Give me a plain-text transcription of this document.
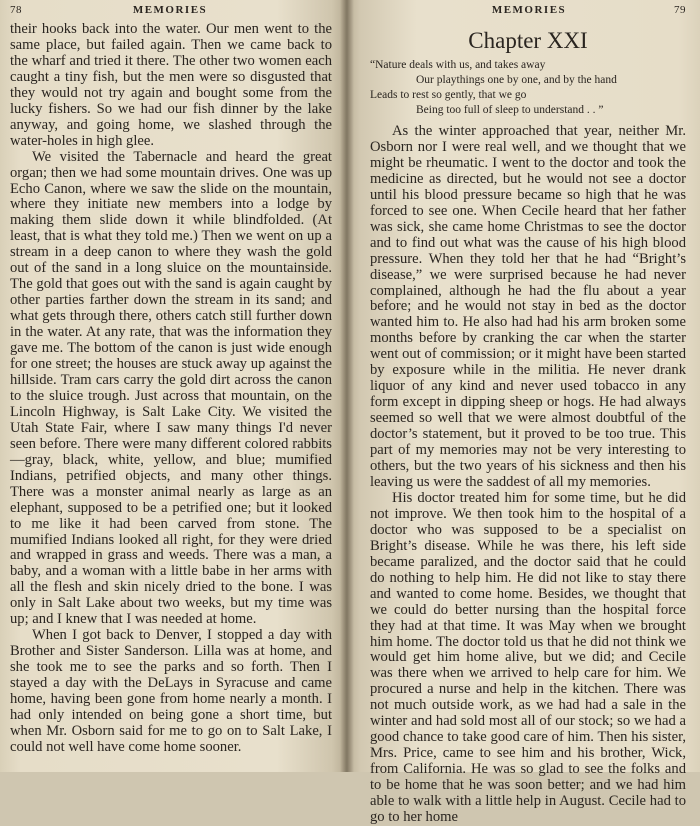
78	MEMORIES

their hooks back into the water. Our men went to the same place, but failed again. Then we came back to the wharf and tried it there. The other two women each caught a tiny fish, but the men were so disgusted that they would not try again and bought some from the lucky fishers. So we had our fish dinner by the lake anyway, and going home, we slashed through the water-holes in high glee.

We visited the Tabernacle and heard the great organ; then we had some mountain drives. One was up Echo Canon, where we saw the slide on the mountain, where they initiate new members into a lodge by making them slide down it while blindfolded. (At least, that is what they told me.) Then we went on up a stream in a deep canon to where they wash the gold out of the sand in a long sluice on the mountainside. The gold that goes out with the sand is again caught by other parties farther down the stream in its sand; and what gets through there, others catch still further down in the water. At any rate, that was the information they gave me. The bottom of the canon is just wide enough for one street; the houses are stuck away up against the hillside. Tram cars carry the gold dirt across the canon to the sluice trough. Just across that mountain, on the Lincoln Highway, is Salt Lake City. We visited the Utah State Fair, where I saw many things I'd never seen before. There were many different colored rabbits—gray, black, white, yellow, and blue; mumified Indians, petrified objects, and many other things. There was a monster animal nearly as large as an elephant, supposed to be a petrified one; but it looked to me like it had been carved from stone. The mumified Indians looked all right, for they were dried and wrapped in grass and weeds. There was a man, a baby, and a woman with a little babe in her arms with all the flesh and skin nicely dried to the bone. I was only in Salt Lake about two weeks, but my time was up; and I knew that I was needed at home.

When I got back to Denver, I stopped a day with Brother and Sister Sanderson. Lilla was at home, and she took me to see the parks and so forth. Then I stayed a day with the DeLays in Syracuse and came home, having been gone from home nearly a month. I had only intended on being gone a short time, but when Mr. Osborn said for me to go on to Salt Lake, I could not well have come home sooner.

MEMORIES	79
Chapter XXI
“Nature deals with us, and takes away
Our playthings one by one, and by the hand
Leads to rest so gently, that we go
Being too full of sleep to understand . . ”

As the winter approached that year, neither Mr. Osborn nor I were real well, and we thought that we might be rheumatic. I went to the doctor and took the medicine as directed, but he would not see a doctor until his blood pressure became so high that he was forced to see one. When Cecile heard that her father was sick, she came home Christmas to see the doctor and to find out what was the cause of his high blood pressure. When they told her that he had “Bright’s disease,” we were surprised because he had never complained, although he had the flu about a year before; and he would not stay in bed as the doctor wanted him to. He also had had his arm broken some months before by cranking the car when the starter went out of commission; or it might have been started by exposure while in the militia. He never drank liquor of any kind and never used tobacco in any form except in dipping sheep or hogs. He had always seemed so well that we were almost doubtful of the doctor’s statement, but it proved to be too true. This part of my memories may not be very interesting to others, but the two years of his sickness and then his leaving us were the saddest of all my memories.

His doctor treated him for some time, but he did not improve. We then took him to the hospital of a doctor who was supposed to be a specialist on Bright’s disease. While he was there, his left side became paralized, and the doctor said that he could do nothing to help him. He did not like to stay there and wanted to come home. Besides, we thought that we could do better nursing than the hospital force they had at that time. It was May when we brought him home. The doctor told us that he did not think we would get him home alive, but we did; and Cecile was there when we arrived to help care for him. We procured a nurse and help in the kitchen. There was not much outside work, as we had had a sale in the winter and had sold most all of our stock; so we had a good chance to take good care of him. Then his sister, Mrs. Price, came to see him and his brother, Wick, from California. He was so glad to see the folks and to be home that he was soon better; and we had him able to walk with a little help in August. Cecile had to go to her home
